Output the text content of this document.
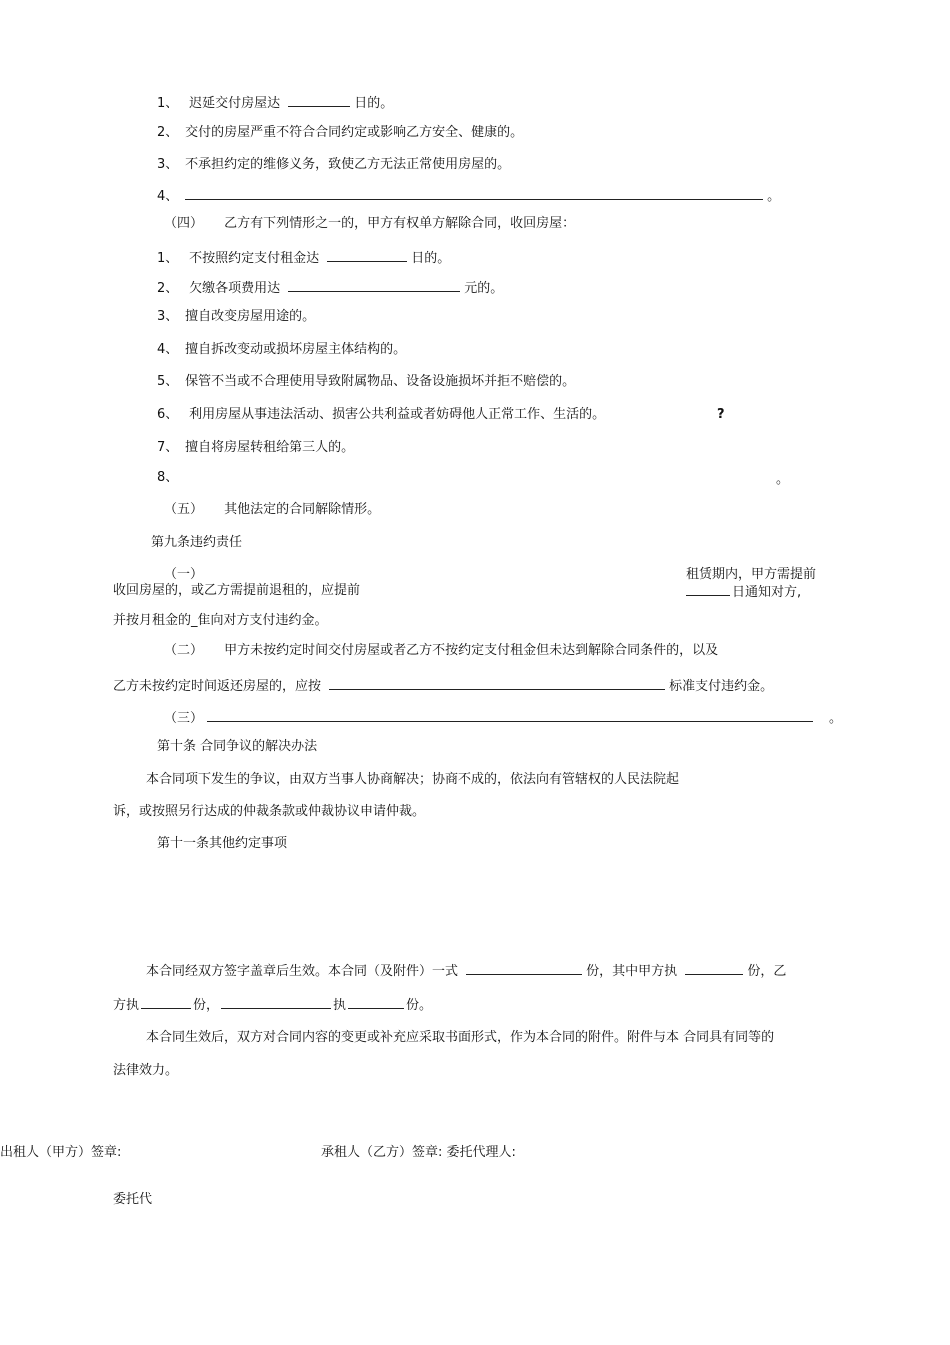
1、 迟延交付房屋达	日的。
2、 交付的房屋严重不符合合同约定或影响乙方安全、健康的。
3、 不承担约定的维修义务，致使乙方无法正常使用房屋的。
4、	。
（四） 乙方有下列情形之一的，甲方有权单方解除合同，收回房屋：
1、 不按照约定支付租金达	日的。
2、 欠缴各项费用达	元的。
3、 擅自改变房屋用途的。
4、 擅自拆改变动或损坏房屋主体结构的。
5、 保管不当或不合理使用导致附属物品、设备设施损坏并拒不赔偿的。
6、 利用房屋从事违法活动、损害公共利益或者妨碍他人正常工作、生活的。	?
7、 擅自将房屋转租给第三人的。
8、	。
（五） 其他法定的合同解除情形。
第九条违约责任
（一）	租赁期内，甲方需提前
收回房屋的，或乙方需提前退租的，应提前	日通知对方,
并按月租金的_隹向对方支付违约金。
（二） 甲方未按约定时间交付房屋或者乙方不按约定支付租金但未达到解除合同条件的，以及
乙方未按约定时间返还房屋的，应按	标准支付违约金。
（三）	。
第十条 合同争议的解决办法
本合同项下发生的争议，由双方当事人协商解决；协商不成的，依法向有管辖权的人民法院起
诉，或按照另行达成的仲裁条款或仲裁协议申请仲裁。
第十一条其他约定事项
本合同经双方签字盖章后生效。本合同（及附件）一式	份，其中甲方执	份，乙
方执	份，	执	份。
本合同生效后，双方对合同内容的变更或补充应采取书面形式，作为本合同的附件。附件与本 合同具有同等的
法律效力。
出租人（甲方）签章:	承租人（乙方）签章: 委托代理人:
委托代
